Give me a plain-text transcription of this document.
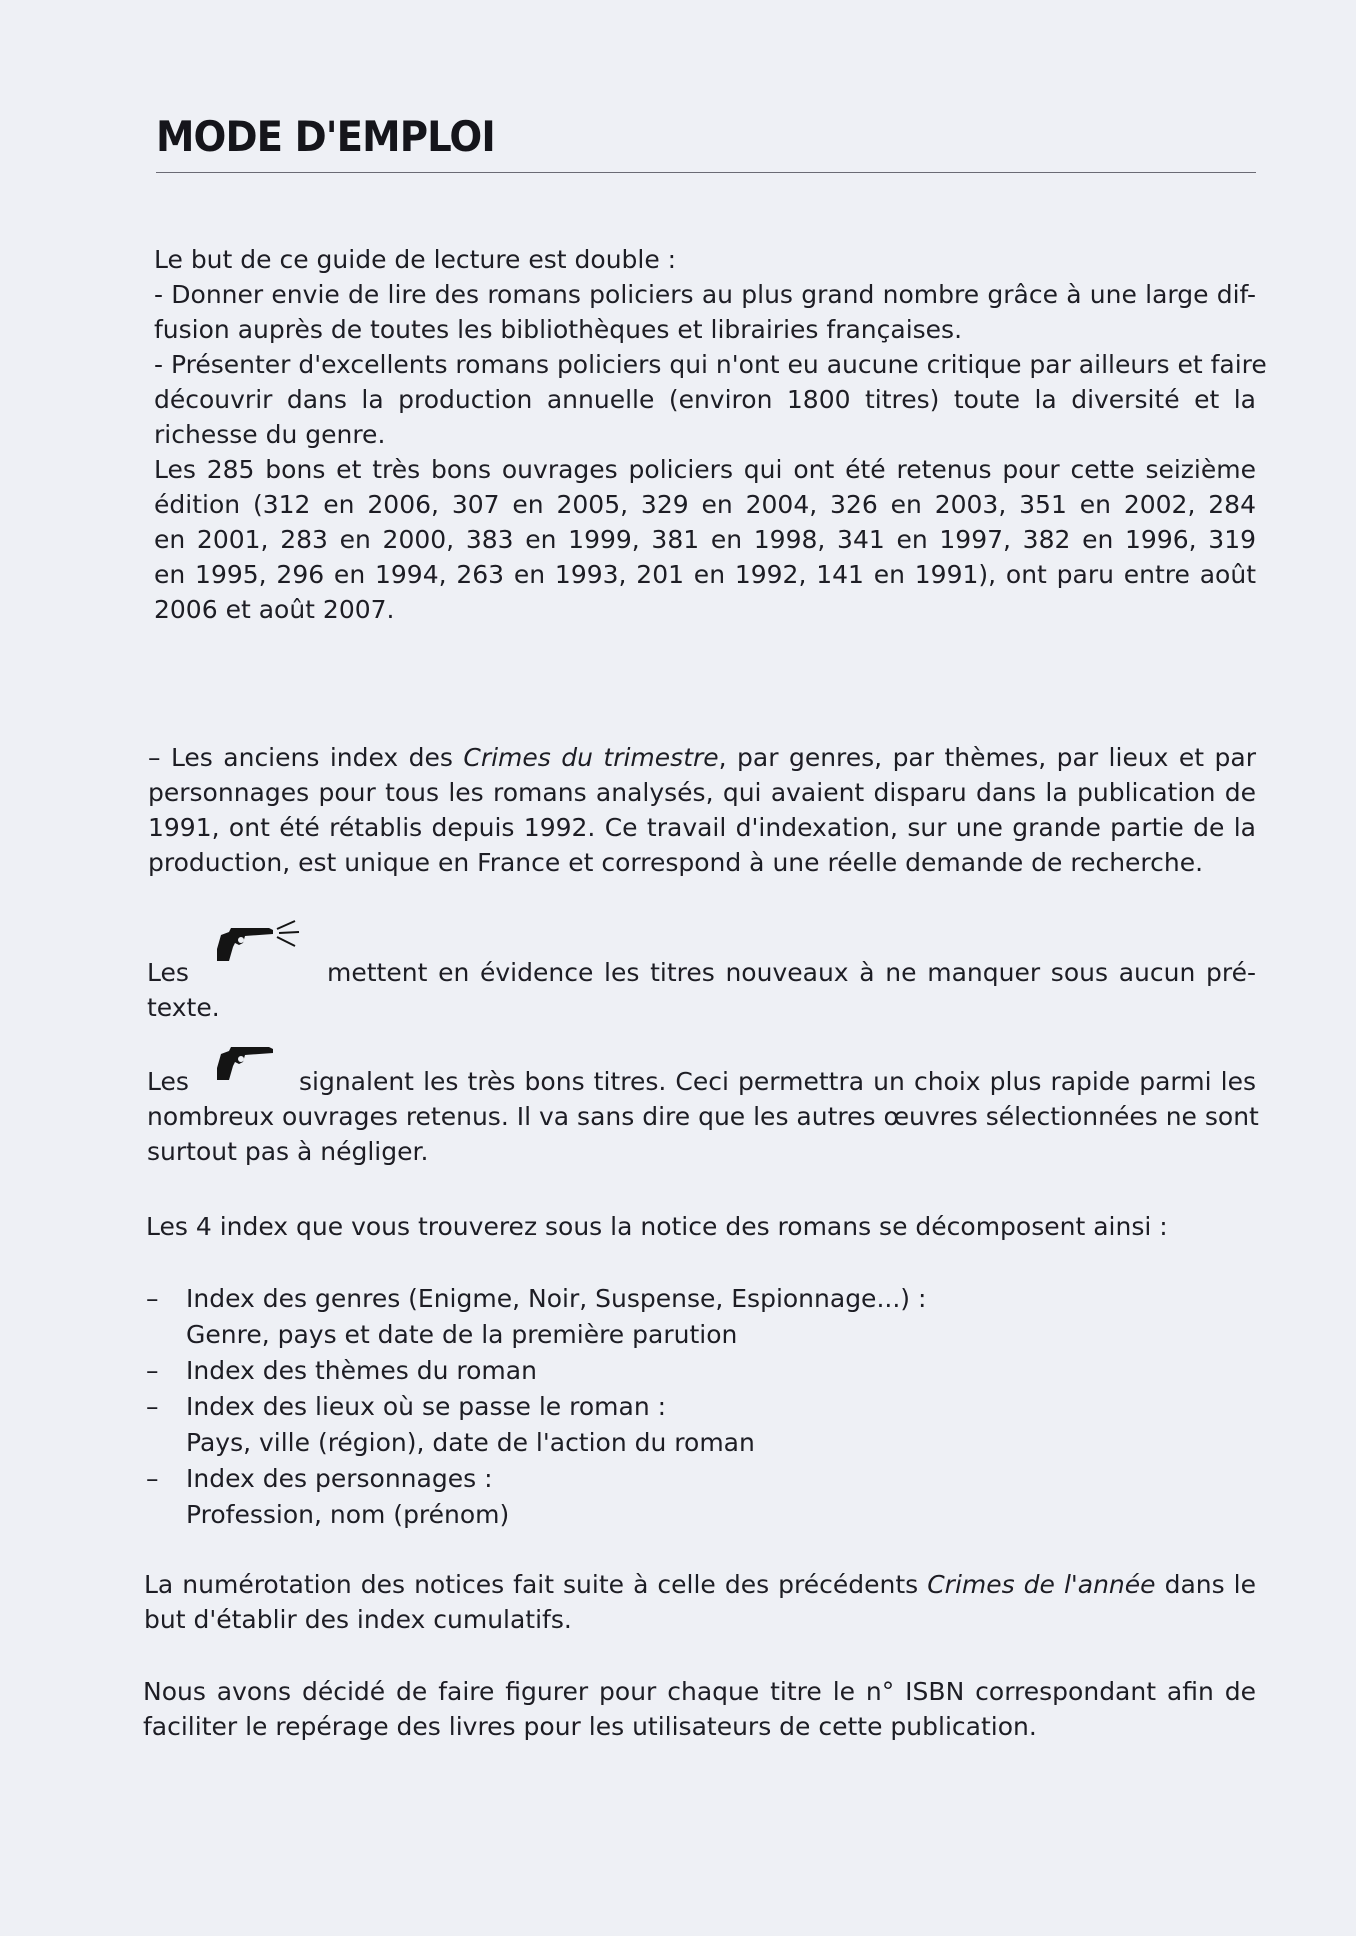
MODE D'EMPLOI
Le but de ce guide de lecture est double :
- Donner envie de lire des romans policiers au plus grand nombre grâce à une large dif-
fusion auprès de toutes les bibliothèques et librairies françaises.
- Présenter d'excellents romans policiers qui n'ont eu aucune critique par ailleurs et faire
découvrir dans la production annuelle (environ 1800 titres) toute la diversité et la
richesse du genre.
Les 285 bons et très bons ouvrages policiers qui ont été retenus pour cette seizième
édition (312 en 2006, 307 en 2005, 329 en 2004, 326 en 2003, 351 en 2002, 284
en 2001, 283 en 2000, 383 en 1999, 381 en 1998, 341 en 1997, 382 en 1996, 319
en 1995, 296 en 1994, 263 en 1993, 201 en 1992, 141 en 1991), ont paru entre août
2006 et août 2007.
– Les anciens index des Crimes du trimestre, par genres, par thèmes, par lieux et par
personnages pour tous les romans analysés, qui avaient disparu dans la publication de
1991, ont été rétablis depuis 1992. Ce travail d'indexation, sur une grande partie de la
production, est unique en France et correspond à une réelle demande de recherche.
Les	mettent en évidence les titres nouveaux à ne manquer sous aucun pré-
texte.
Les	signalent les très bons titres. Ceci permettra un choix plus rapide parmi les
nombreux ouvrages retenus. Il va sans dire que les autres œuvres sélectionnées ne sont
surtout pas à négliger.
Les 4 index que vous trouverez sous la notice des romans se décomposent ainsi :
– Index des genres (Enigme, Noir, Suspense, Espionnage...) :
Genre, pays et date de la première parution
– Index des thèmes du roman
– Index des lieux où se passe le roman :
Pays, ville (région), date de l'action du roman
– Index des personnages :
Profession, nom (prénom)
La numérotation des notices fait suite à celle des précédents Crimes de l'année dans le
but d'établir des index cumulatifs.
Nous avons décidé de faire figurer pour chaque titre le n° ISBN correspondant afin de
faciliter le repérage des livres pour les utilisateurs de cette publication.
